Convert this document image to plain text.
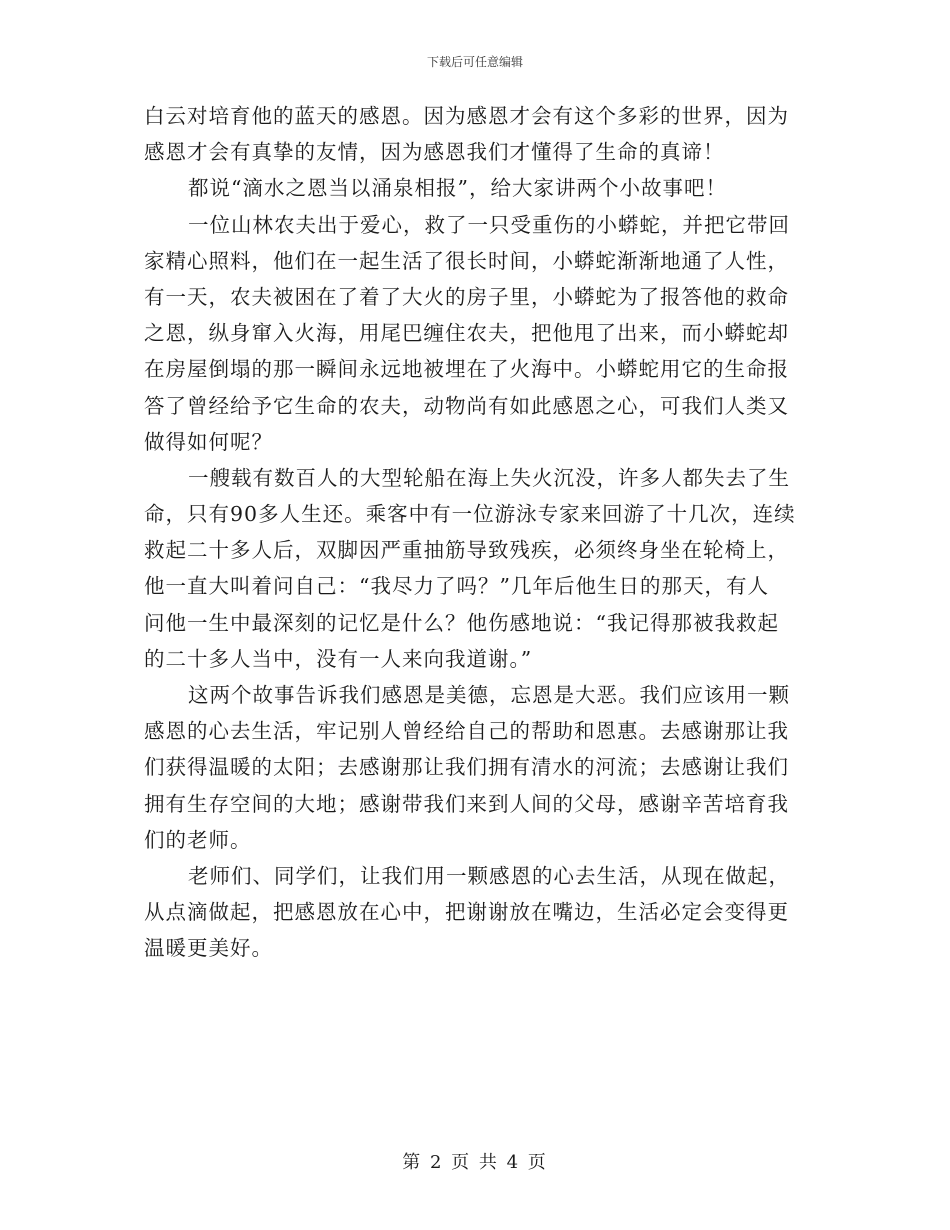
下载后可任意编辑
白云对培育他的蓝天的感恩。因为感恩才会有这个多彩的世界，因为
感恩才会有真挚的友情，因为感恩我们才懂得了生命的真谛！
都说“滴水之恩当以涌泉相报”，给大家讲两个小故事吧！
一位山林农夫出于爱心，救了一只受重伤的小蟒蛇，并把它带回
家精心照料，他们在一起生活了很长时间，小蟒蛇渐渐地通了人性，
有一天，农夫被困在了着了大火的房子里，小蟒蛇为了报答他的救命
之恩，纵身窜入火海，用尾巴缠住农夫，把他甩了出来，而小蟒蛇却
在房屋倒塌的那一瞬间永远地被埋在了火海中。小蟒蛇用它的生命报
答了曾经给予它生命的农夫，动物尚有如此感恩之心，可我们人类又
做得如何呢？
一艘载有数百人的大型轮船在海上失火沉没，许多人都失去了生
命，只有90多人生还。乘客中有一位游泳专家来回游了十几次，连续
救起二十多人后，双脚因严重抽筋导致残疾，必须终身坐在轮椅上，
他一直大叫着问自己：“我尽力了吗？”几年后他生日的那天，有人
问他一生中最深刻的记忆是什么？他伤感地说：“我记得那被我救起
的二十多人当中，没有一人来向我道谢。”
这两个故事告诉我们感恩是美德，忘恩是大恶。我们应该用一颗
感恩的心去生活，牢记别人曾经给自己的帮助和恩惠。去感谢那让我
们获得温暖的太阳；去感谢那让我们拥有清水的河流；去感谢让我们
拥有生存空间的大地；感谢带我们来到人间的父母，感谢辛苦培育我
们的老师。
老师们、同学们，让我们用一颗感恩的心去生活，从现在做起，
从点滴做起，把感恩放在心中，把谢谢放在嘴边，生活必定会变得更
温暖更美好。
第 2 页 共 4 页
